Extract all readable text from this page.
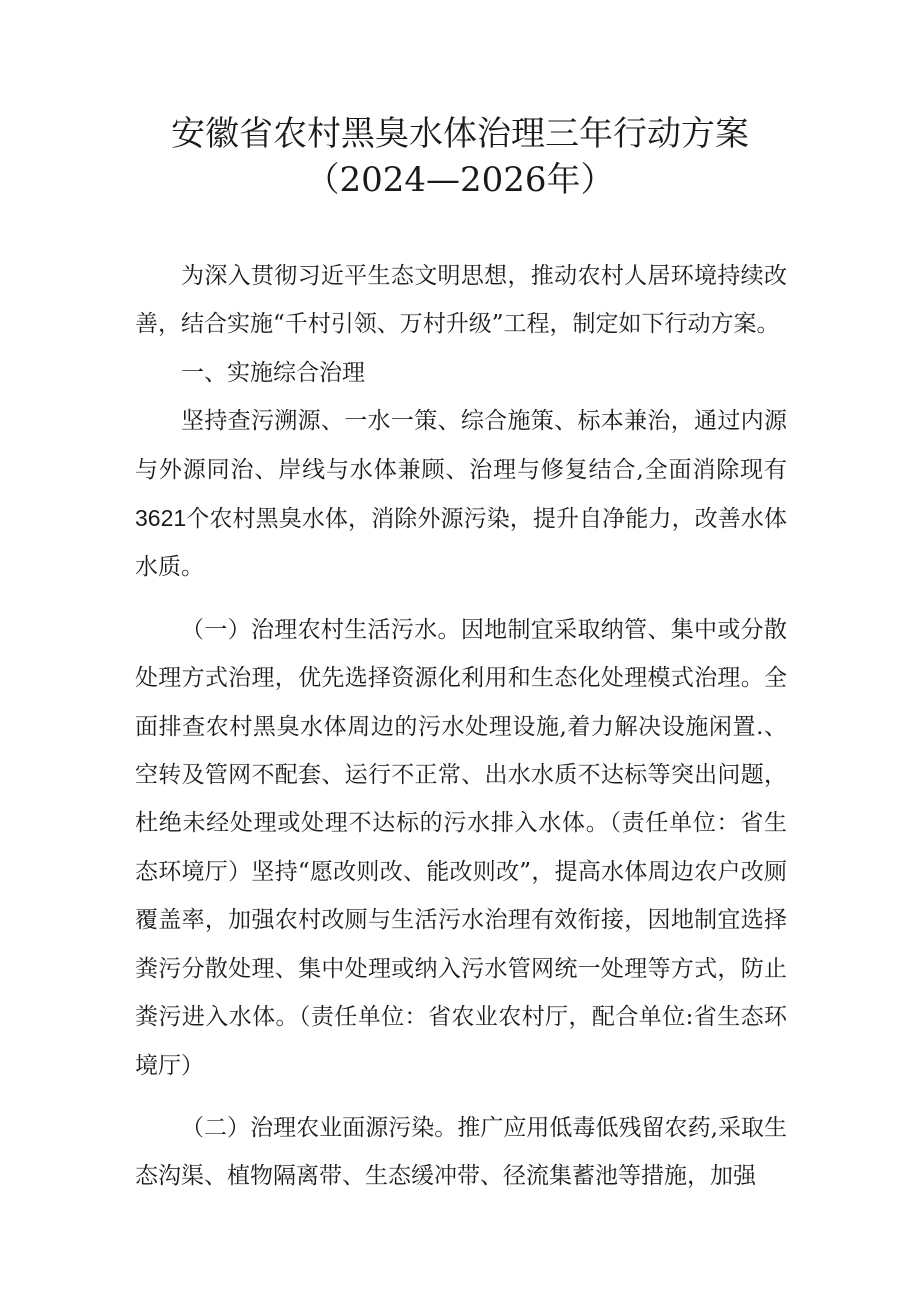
安徽省农村黑臭水体治理三年行动方案
（2024—2026年）

为深入贯彻习近平生态文明思想，推动农村人居环境持续改善，结合实施“千村引领、万村升级”工程，制定如下行动方案。

一、实施综合治理

坚持查污溯源、一水一策、综合施策、标本兼治，通过内源与外源同治、岸线与水体兼顾、治理与修复结合,全面消除现有3621个农村黑臭水体，消除外源污染，提升自净能力，改善水体水质。

（一）治理农村生活污水。因地制宜采取纳管、集中或分散处理方式治理，优先选择资源化利用和生态化处理模式治理。全面排查农村黑臭水体周边的污水处理设施,着力解决设施闲置.、空转及管网不配套、运行不正常、出水水质不达标等突出问题，杜绝未经处理或处理不达标的污水排入水体。（责任单位：省生态环境厅）坚持“愿改则改、能改则改”，提高水体周边农户改厕覆盖率，加强农村改厕与生活污水治理有效衔接，因地制宜选择粪污分散处理、集中处理或纳入污水管网统一处理等方式，防止粪污进入水体。（责任单位：省农业农村厅，配合单位:省生态环境厅）

（二）治理农业面源污染。推广应用低毒低残留农药,采取生态沟渠、植物隔离带、生态缓冲带、径流集蓄池等措施，加强
